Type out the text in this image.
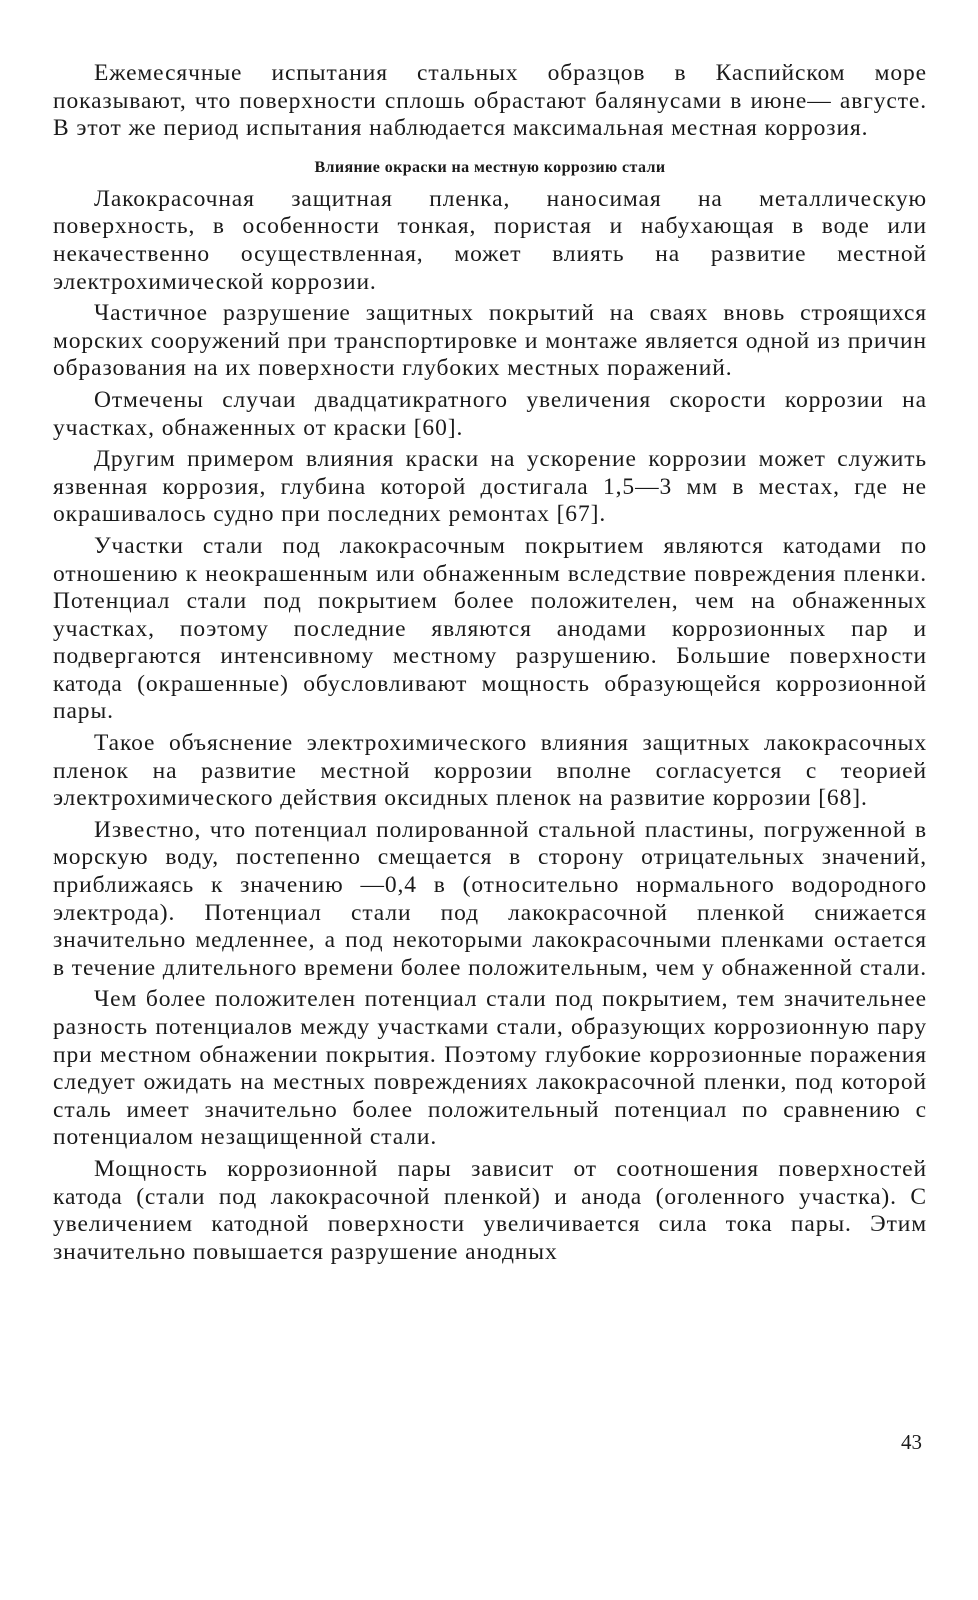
Ежемесячные испытания стальных образцов в Каспийском море показывают, что поверхности сплошь обрастают балянусами в июне— августе. В этот же период испытания наблюдается максимальная местная коррозия.

Влияние окраски на местную коррозию стали

Лакокрасочная защитная пленка, наносимая на металлическую поверхность, в особенности тонкая, пористая и набухающая в воде или некачественно осуществленная, может влиять на развитие местной электрохимической коррозии.

Частичное разрушение защитных покрытий на сваях вновь строящихся морских сооружений при транспортировке и монтаже является одной из причин образования на их поверхности глубоких местных поражений.

Отмечены случаи двадцатикратного увеличения скорости коррозии на участках, обнаженных от краски [60].

Другим примером влияния краски на ускорение коррозии может служить язвенная коррозия, глубина которой достигала 1,5—3 мм в местах, где не окрашивалось судно при последних ремонтах [67].

Участки стали под лакокрасочным покрытием являются катодами по отношению к неокрашенным или обнаженным вследствие повреждения пленки. Потенциал стали под покрытием более положителен, чем на обнаженных участках, поэтому последние являются анодами коррозионных пар и подвергаются интенсивному местному разрушению. Большие поверхности катода (окрашенные) обусловливают мощность образующейся коррозионной пары.

Такое объяснение электрохимического влияния защитных лакокрасочных пленок на развитие местной коррозии вполне согласуется с теорией электрохимического действия оксидных пленок на развитие коррозии [68].

Известно, что потенциал полированной стальной пластины, погруженной в морскую воду, постепенно смещается в сторону отрицательных значений, приближаясь к значению —0,4 в (относительно нормального водородного электрода). Потенциал стали под лакокрасочной пленкой снижается значительно медленнее, а под некоторыми лакокрасочными пленками остается в течение длительного времени более положительным, чем у обнаженной стали.

Чем более положителен потенциал стали под покрытием, тем значительнее разность потенциалов между участками стали, образующих коррозионную пару при местном обнажении покрытия. Поэтому глубокие коррозионные поражения следует ожидать на местных повреждениях лакокрасочной пленки, под которой сталь имеет значительно более положительный потенциал по сравнению с потенциалом незащищенной стали.

Мощность коррозионной пары зависит от соотношения поверхностей катода (стали под лакокрасочной пленкой) и анода (оголенного участка). С увеличением катодной поверхности увеличивается сила тока пары. Этим значительно повышается разрушение анодных

43
